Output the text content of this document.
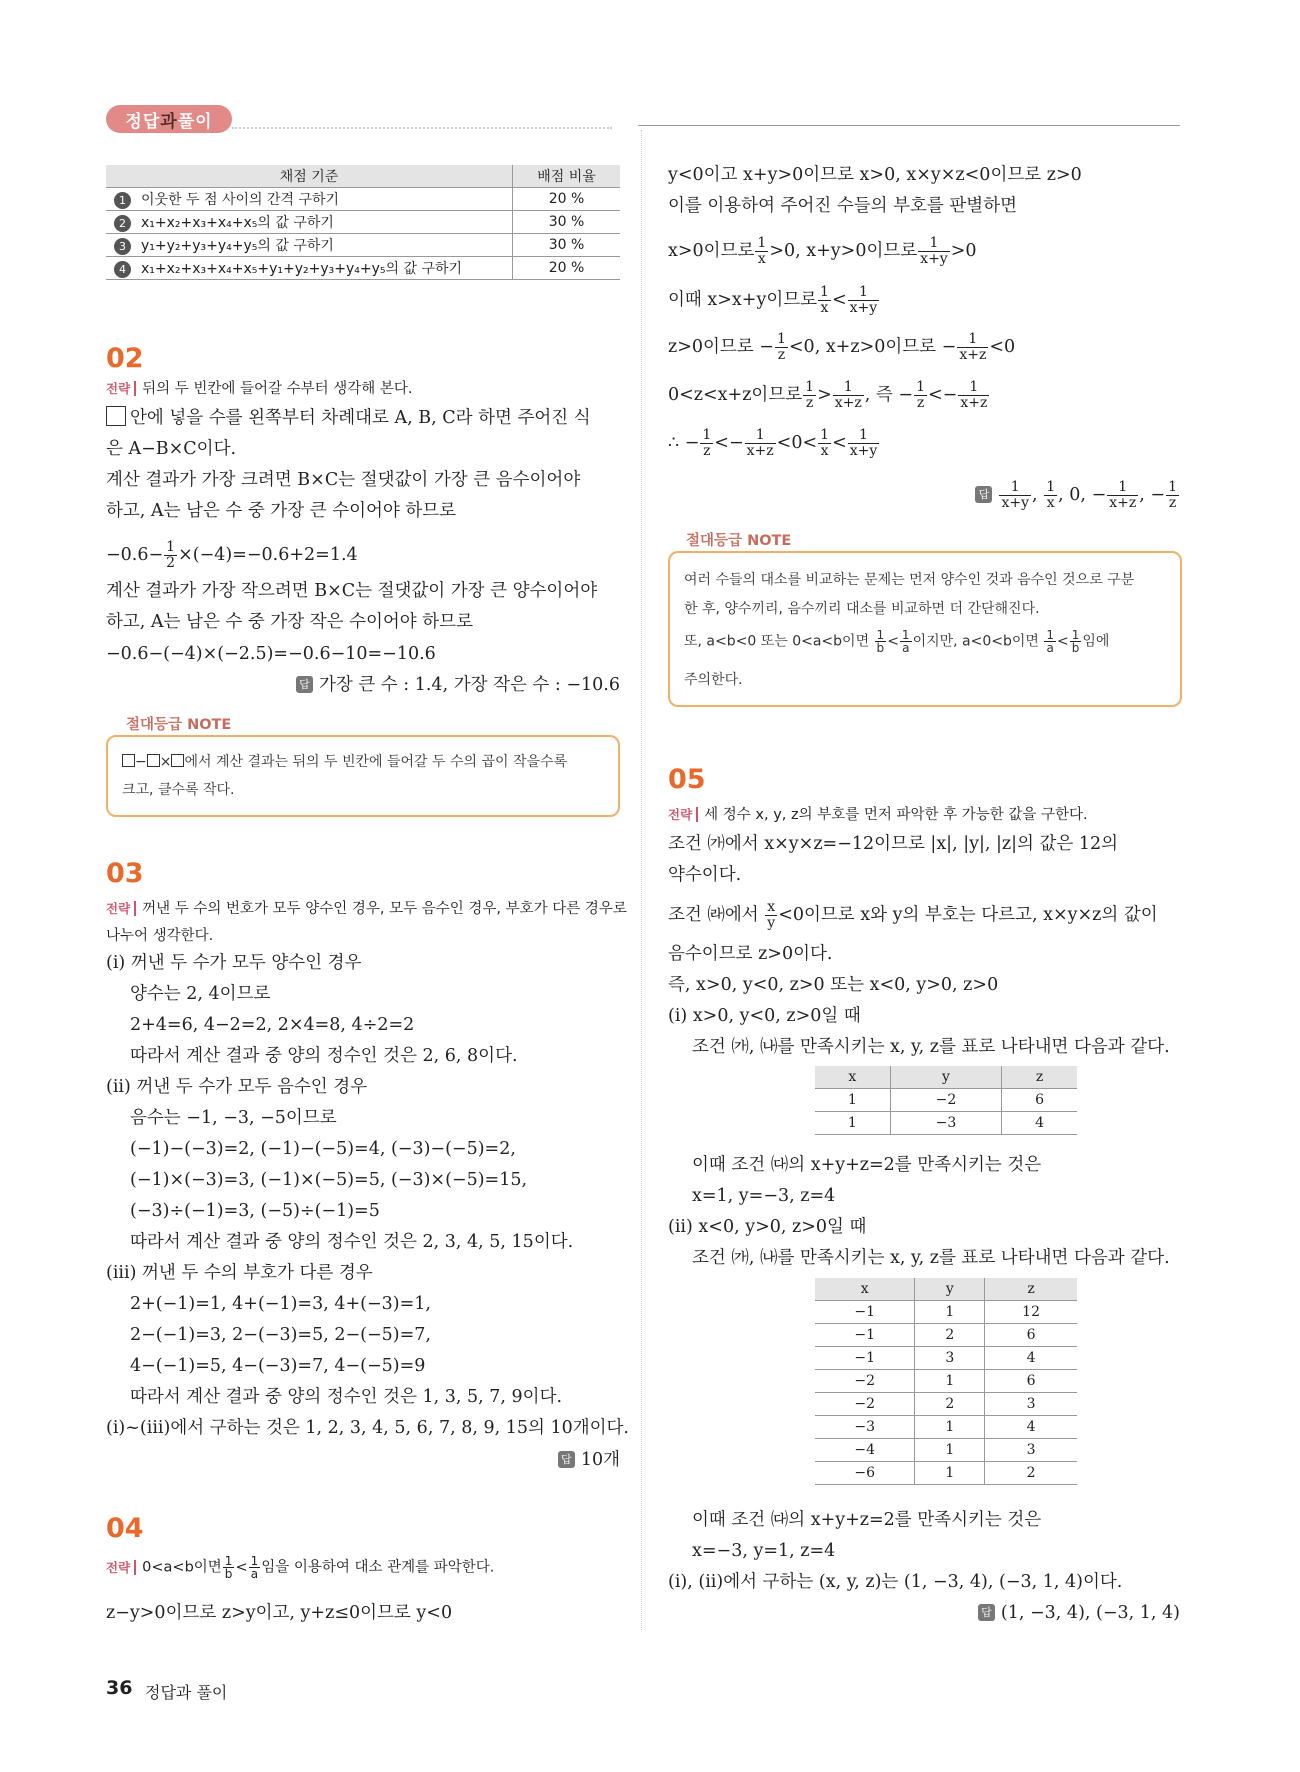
정답 과 풀이
채점 기준	배점 비율
1 이웃한 두 점 사이의 간격 구하기	20 %
2 x₁+x₂+x₃+x₄+x₅의 값 구하기	30 %
3 y₁+y₂+y₃+y₄+y₅의 값 구하기	30 %
4 x₁+x₂+x₃+x₄+x₅+y₁+y₂+y₃+y₄+y₅의 값 구하기	20 %
02
전략 뒤의 두 빈칸에 들어갈 수부터 생각해 본다.
안에 넣을 수를 왼쪽부터 차례대로 A, B, C라 하면 주어진 식
은 A−B×C이다.
계산 결과가 가장 크려면 B×C는 절댓값이 가장 큰 음수이어야
하고, A는 남은 수 중 가장 큰 수이어야 하므로
$-0.6- \frac{1}{2} \times(-4)=-0.6+2=1.4$
계산 결과가 가장 작으려면 B×C는 절댓값이 가장 큰 양수이어야
하고, A는 남은 수 중 가장 작은 수이어야 하므로
−0.6−(−4)×(−2.5)=−0.6−10=−10.6
답 가장 큰 수 : 1.4, 가장 작은 수 : −10.6
절대등급 NOTE
− × 에서 계산 결과는 뒤의 두 빈칸에 들어갈 두 수의 곱이 작을수록
크고, 클수록 작다.
03
전략 꺼낸 두 수의 번호가 모두 양수인 경우, 모두 음수인 경우, 부호가 다른 경우로
나누어 생각한다.
(i) 꺼낸 두 수가 모두 양수인 경우
양수는 2, 4이므로
2+4=6, 4−2=2, 2×4=8, 4÷2=2
따라서 계산 결과 중 양의 정수인 것은 2, 6, 8이다.
(ii) 꺼낸 두 수가 모두 음수인 경우
음수는 −1, −3, −5이므로
(−1)−(−3)=2, (−1)−(−5)=4, (−3)−(−5)=2,
(−1)×(−3)=3, (−1)×(−5)=5, (−3)×(−5)=15,
(−3)÷(−1)=3, (−5)÷(−1)=5
따라서 계산 결과 중 양의 정수인 것은 2, 3, 4, 5, 15이다.
(iii) 꺼낸 두 수의 부호가 다른 경우
2+(−1)=1, 4+(−1)=3, 4+(−3)=1,
2−(−1)=3, 2−(−3)=5, 2−(−5)=7,
4−(−1)=5, 4−(−3)=7, 4−(−5)=9
따라서 계산 결과 중 양의 정수인 것은 1, 3, 5, 7, 9이다.
(i)~(iii)에서 구하는 것은 1, 2, 3, 4, 5, 6, 7, 8, 9, 15의 10개이다.
답 10개
04
전략 0<a<b이면 $\frac{1}{b} < \frac{1}{a}$ 임을 이용하여 대소 관계를 파악한다.
z−y>0이므로 z>y이고, y+z≤0이므로 y<0
y<0이고 x+y>0이므로 x>0, x×y×z<0이므로 z>0
이를 이용하여 주어진 수들의 부호를 판별하면
x>0이므로 $\frac{1}{x} >0$, x+y>0이므로 $\frac{1}{x+y} >0$
이때 x>x+y이므로 $\frac{1}{x} < \frac{1}{x+y}$
z>0이므로 − $\frac{1}{z} <0$, x+z>0이므로 − $\frac{1}{x+z} <0$
0<z<x+z이므로 $\frac{1}{z} > \frac{1}{x+z}$ , 즉 − $\frac{1}{z} <- \frac{1}{x+z}$
∴ − $\frac{1}{z} <- \frac{1}{x+z} <0< \frac{1}{x} < \frac{1}{x+y}$
답 $\frac{1}{x+y}$ , $\frac{1}{x}$ , 0, − $\frac{1}{x+z}$ , − $\frac{1}{z}$
절대등급 NOTE
여러 수들의 대소를 비교하는 문제는 먼저 양수인 것과 음수인 것으로 구분
한 후, 양수끼리, 음수끼리 대소를 비교하면 더 간단해진다.
또, a<b<0 또는 0<a<b이면 $\frac{1}{b} < \frac{1}{a}$ 이지만, a<0<b이면 $\frac{1}{a} < \frac{1}{b}$ 임에
주의한다.
05
전략 세 정수 x, y, z의 부호를 먼저 파악한 후 가능한 값을 구한다.
조건 ㈎에서 x×y×z=−12이므로 |x|, |y|, |z|의 값은 12의
약수이다.
조건 ㈑에서 $\frac{x}{y} <0$이므로 x와 y의 부호는 다르고, x×y×z의 값이
음수이므로 z>0이다.
즉, x>0, y<0, z>0 또는 x<0, y>0, z>0
(i) x>0, y<0, z>0일 때
조건 ㈎, ㈏를 만족시키는 x, y, z를 표로 나타내면 다음과 같다.
x	y	z
1	−2	6
1	−3	4
이때 조건 ㈐의 x+y+z=2를 만족시키는 것은
x=1, y=−3, z=4
(ii) x<0, y>0, z>0일 때
조건 ㈎, ㈏를 만족시키는 x, y, z를 표로 나타내면 다음과 같다.
x	y	z
−1	1	12
−1	2	6
−1	3	4
−2	1	6
−2	2	3
−3	1	4
−4	1	3
−6	1	2
이때 조건 ㈐의 x+y+z=2를 만족시키는 것은
x=−3, y=1, z=4
(i), (ii)에서 구하는 (x, y, z)는 (1, −3, 4), (−3, 1, 4)이다.
답 (1, −3, 4), (−3, 1, 4)
36 정답과 풀이
